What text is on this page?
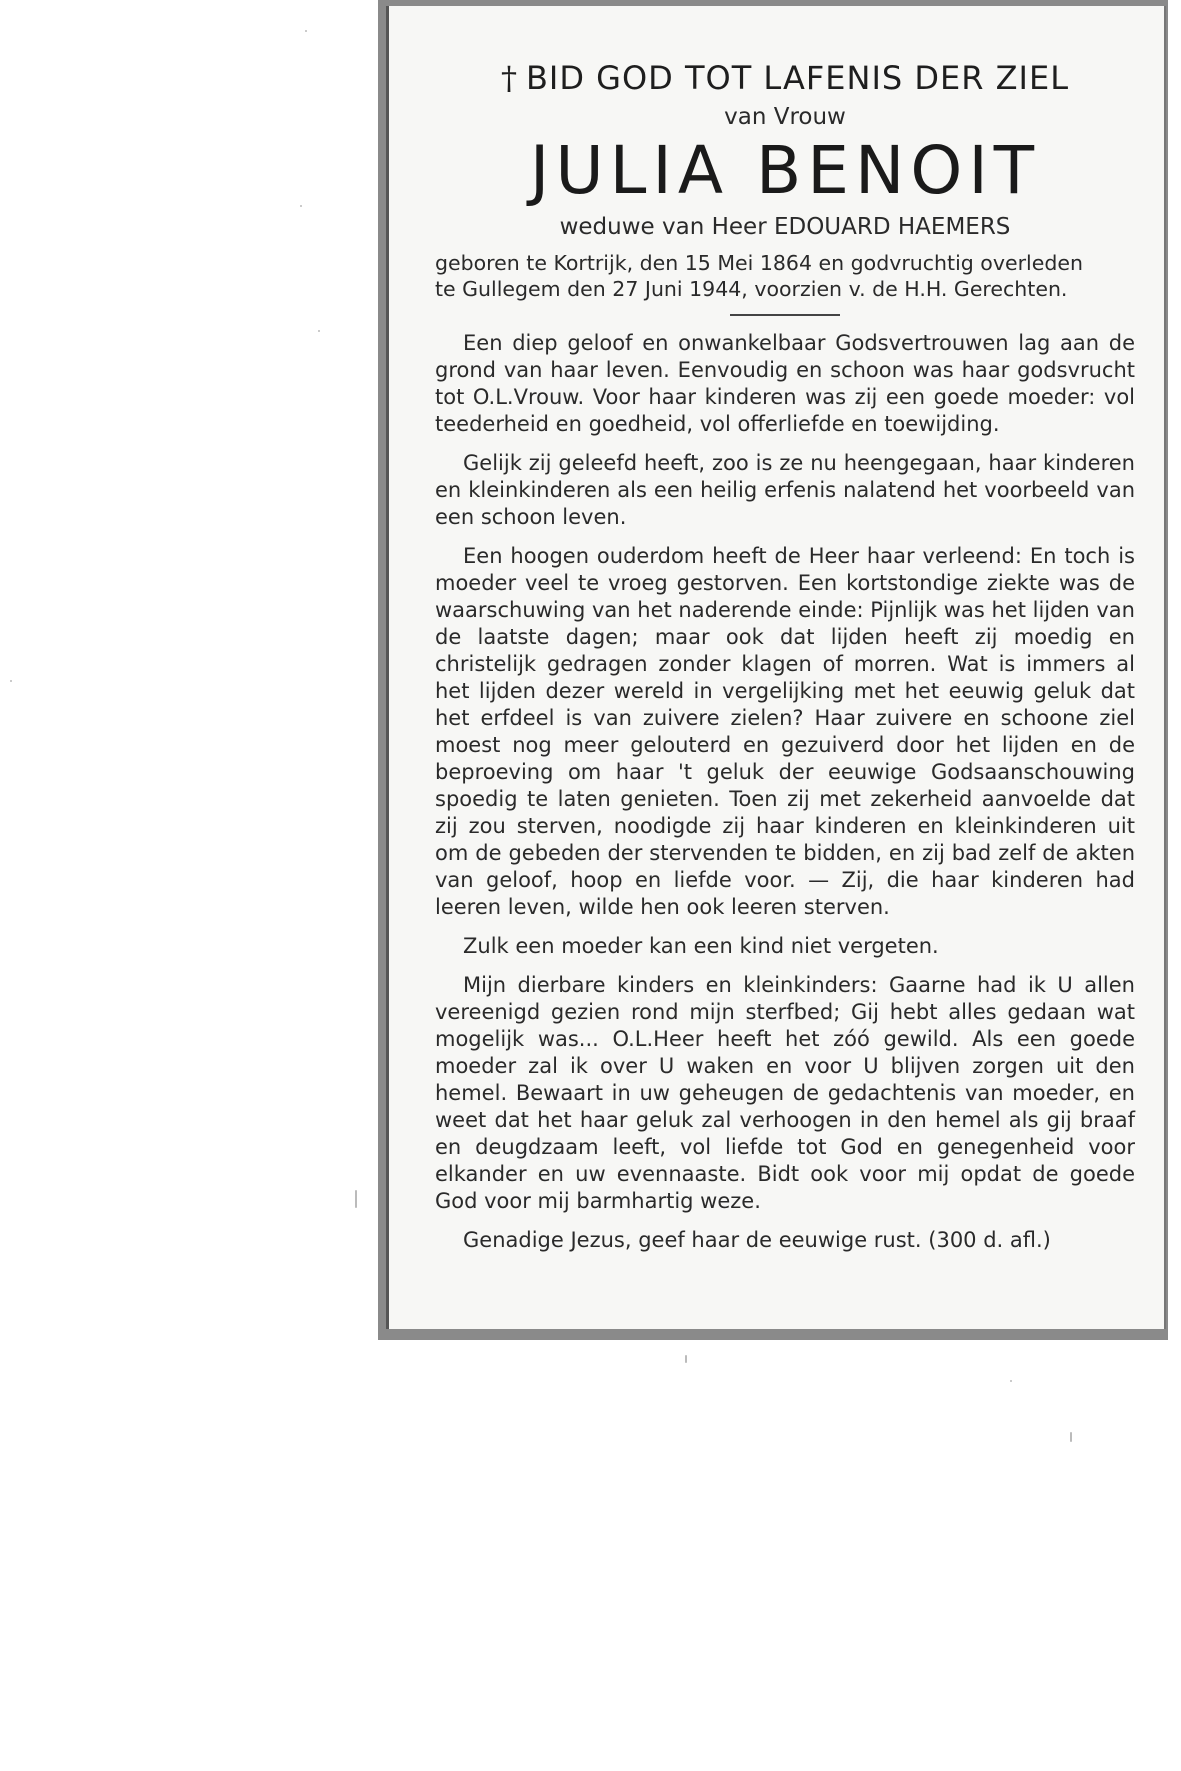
† BID GOD TOT LAFENIS DER ZIEL

van Vrouw

JULIA BENOIT

weduwe van Heer EDOUARD HAEMERS

geboren te Kortrijk, den 15 Mei 1864 en godvruchtig overleden

te Gullegem den 27 Juni 1944, voorzien v. de H.H. Gerechten.

Een diep geloof en onwankelbaar Godsvertrouwen lag aan de grond van haar leven. Eenvoudig en schoon was haar godsvrucht tot O.L.Vrouw. Voor haar kinderen was zij een goede moeder: vol teederheid en goedheid, vol offerliefde en toewijding.

Gelijk zij geleefd heeft, zoo is ze nu heengegaan, haar kinderen en kleinkinderen als een heilig erfenis nalatend het voorbeeld van een schoon leven.

Een hoogen ouderdom heeft de Heer haar verleend: En toch is moeder veel te vroeg gestorven. Een kortstondige ziekte was de waarschuwing van het naderende einde: Pijnlijk was het lijden van de laatste dagen; maar ook dat lijden heeft zij moedig en christelijk gedragen zonder klagen of morren. Wat is immers al het lijden dezer wereld in vergelijking met het eeuwig geluk dat het erfdeel is van zuivere zielen? Haar zuivere en schoone ziel moest nog meer gelouterd en gezuiverd door het lijden en de beproeving om haar 't geluk der eeuwige Godsaanschouwing spoedig te laten genieten. Toen zij met zekerheid aanvoelde dat zij zou sterven, noodigde zij haar kinderen en kleinkinderen uit om de gebeden der stervenden te bidden, en zij bad zelf de akten van geloof, hoop en liefde voor. — Zij, die haar kinderen had leeren leven, wilde hen ook leeren sterven.

Zulk een moeder kan een kind niet vergeten.

Mijn dierbare kinders en kleinkinders: Gaarne had ik U allen vereenigd gezien rond mijn sterfbed; Gij hebt alles gedaan wat mogelijk was... O.L.Heer heeft het zóó gewild. Als een goede moeder zal ik over U waken en voor U blijven zorgen uit den hemel. Bewaart in uw geheugen de gedachtenis van moeder, en weet dat het haar geluk zal verhoogen in den hemel als gij braaf en deugdzaam leeft, vol liefde tot God en genegenheid voor elkander en uw evennaaste. Bidt ook voor mij opdat de goede God voor mij barmhartig weze.

Genadige Jezus, geef haar de eeuwige rust. (300 d. afl.)
